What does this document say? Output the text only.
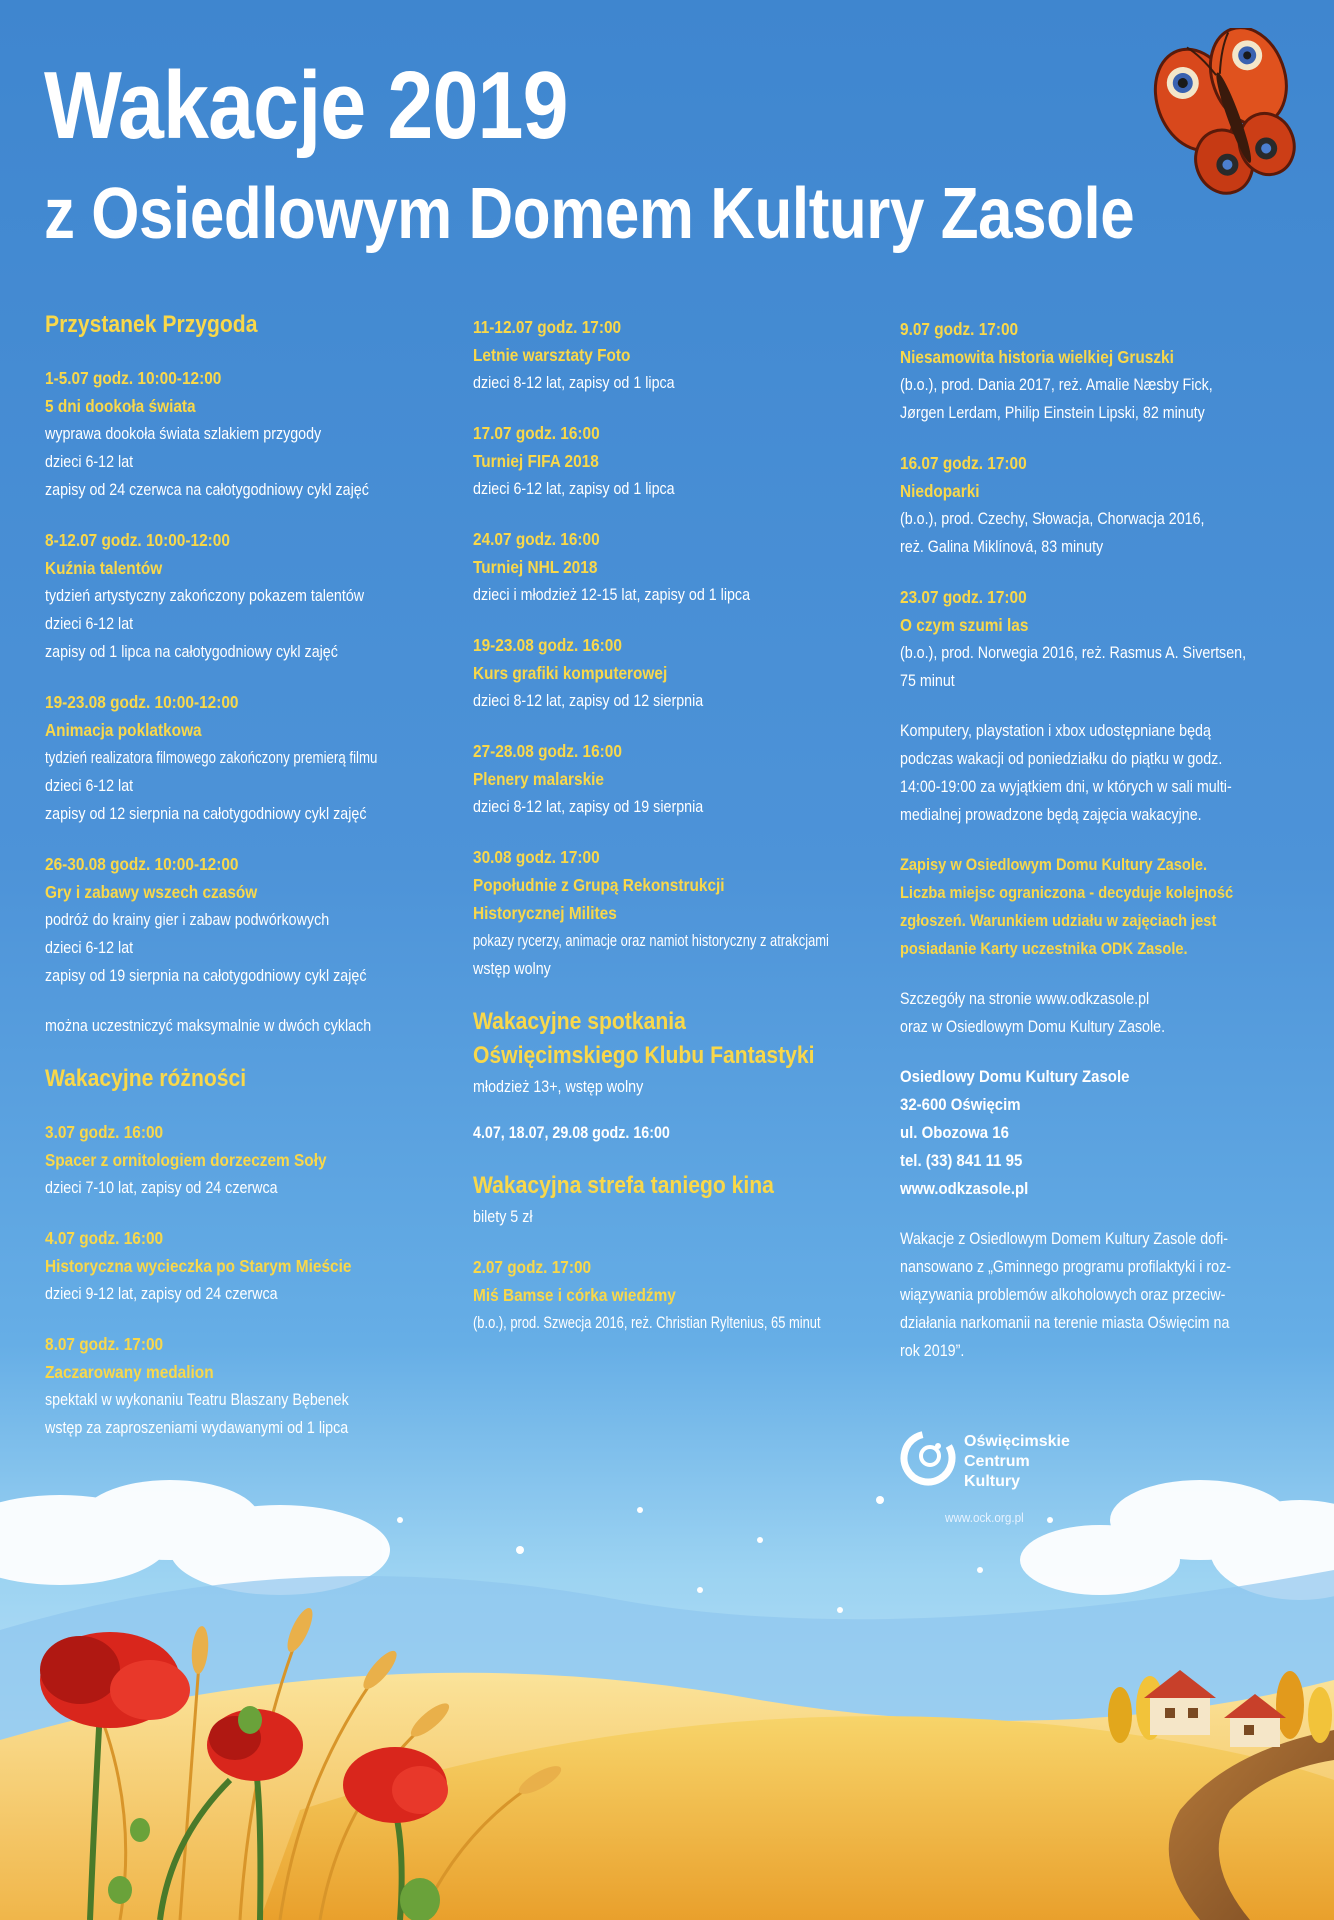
Wakacje 2019
z Osiedlowym Domem Kultury Zasole
Przystanek Przygoda
1-5.07 godz. 10:00-12:00
5 dni dookoła świata
wyprawa dookoła świata szlakiem przygody
dzieci 6-12 lat
zapisy od 24 czerwca na całotygodniowy cykl zajęć
8-12.07 godz. 10:00-12:00
Kuźnia talentów
tydzień artystyczny zakończony pokazem talentów
dzieci 6-12 lat
zapisy od 1 lipca na całotygodniowy cykl zajęć
19-23.08 godz. 10:00-12:00
Animacja poklatkowa
tydzień realizatora filmowego zakończony premierą filmu
dzieci 6-12 lat
zapisy od 12 sierpnia na całotygodniowy cykl zajęć
26-30.08 godz. 10:00-12:00
Gry i zabawy wszech czasów
podróż do krainy gier i zabaw podwórkowych
dzieci 6-12 lat
zapisy od 19 sierpnia na całotygodniowy cykl zajęć
można uczestniczyć maksymalnie w dwóch cyklach
Wakacyjne różności
3.07 godz. 16:00
Spacer z ornitologiem dorzeczem Soły
dzieci 7-10 lat, zapisy od 24 czerwca
4.07 godz. 16:00
Historyczna wycieczka po Starym Mieście
dzieci 9-12 lat, zapisy od 24 czerwca
8.07 godz. 17:00
Zaczarowany medalion
spektakl w wykonaniu Teatru Blaszany Bębenek
wstęp za zaproszeniami wydawanymi od 1 lipca
11-12.07 godz. 17:00
Letnie warsztaty Foto
dzieci 8-12 lat, zapisy od 1 lipca
17.07 godz. 16:00
Turniej FIFA 2018
dzieci 6-12 lat, zapisy od 1 lipca
24.07 godz. 16:00
Turniej NHL 2018
dzieci i młodzież 12-15 lat, zapisy od 1 lipca
19-23.08 godz. 16:00
Kurs grafiki komputerowej
dzieci 8-12 lat, zapisy od 12 sierpnia
27-28.08 godz. 16:00
Plenery malarskie
dzieci 8-12 lat, zapisy od 19 sierpnia
30.08 godz. 17:00
Popołudnie z Grupą Rekonstrukcji
Historycznej Milites
pokazy rycerzy, animacje oraz namiot historyczny z atrakcjami
wstęp wolny
Wakacyjne spotkania
Oświęcimskiego Klubu Fantastyki
młodzież 13+, wstęp wolny
4.07, 18.07, 29.08 godz. 16:00
Wakacyjna strefa taniego kina
bilety 5 zł
2.07 godz. 17:00
Miś Bamse i córka wiedźmy
(b.o.), prod. Szwecja 2016, reż. Christian Ryltenius, 65 minut
9.07 godz. 17:00
Niesamowita historia wielkiej Gruszki
(b.o.), prod. Dania 2017, reż. Amalie Næsby Fick,
Jørgen Lerdam, Philip Einstein Lipski, 82 minuty
16.07 godz. 17:00
Niedoparki
(b.o.), prod. Czechy, Słowacja, Chorwacja 2016,
reż. Galina Miklínová, 83 minuty
23.07 godz. 17:00
O czym szumi las
(b.o.), prod. Norwegia 2016, reż. Rasmus A. Sivertsen,
75 minut
Komputery, playstation i xbox udostępniane będą
podczas wakacji od poniedziałku do piątku w godz.
14:00-19:00 za wyjątkiem dni, w których w sali multi-
medialnej prowadzone będą zajęcia wakacyjne.
Zapisy w Osiedlowym Domu Kultury Zasole.
Liczba miejsc ograniczona - decyduje kolejność
zgłoszeń. Warunkiem udziału w zajęciach jest
posiadanie Karty uczestnika ODK Zasole.
Szczegóły na stronie www.odkzasole.pl
oraz w Osiedlowym Domu Kultury Zasole.
Osiedlowy Domu Kultury Zasole
32-600 Oświęcim
ul. Obozowa 16
tel. (33) 841 11 95
www.odkzasole.pl
Wakacje z Osiedlowym Domem Kultury Zasole dofi-
nansowano z „Gminnego programu profilaktyki i roz-
wiązywania problemów alkoholowych oraz przeciw-
działania narkomanii na terenie miasta Oświęcim na
rok 2019”.
Oświęcimskie
Centrum
Kultury
www.ock.org.pl
